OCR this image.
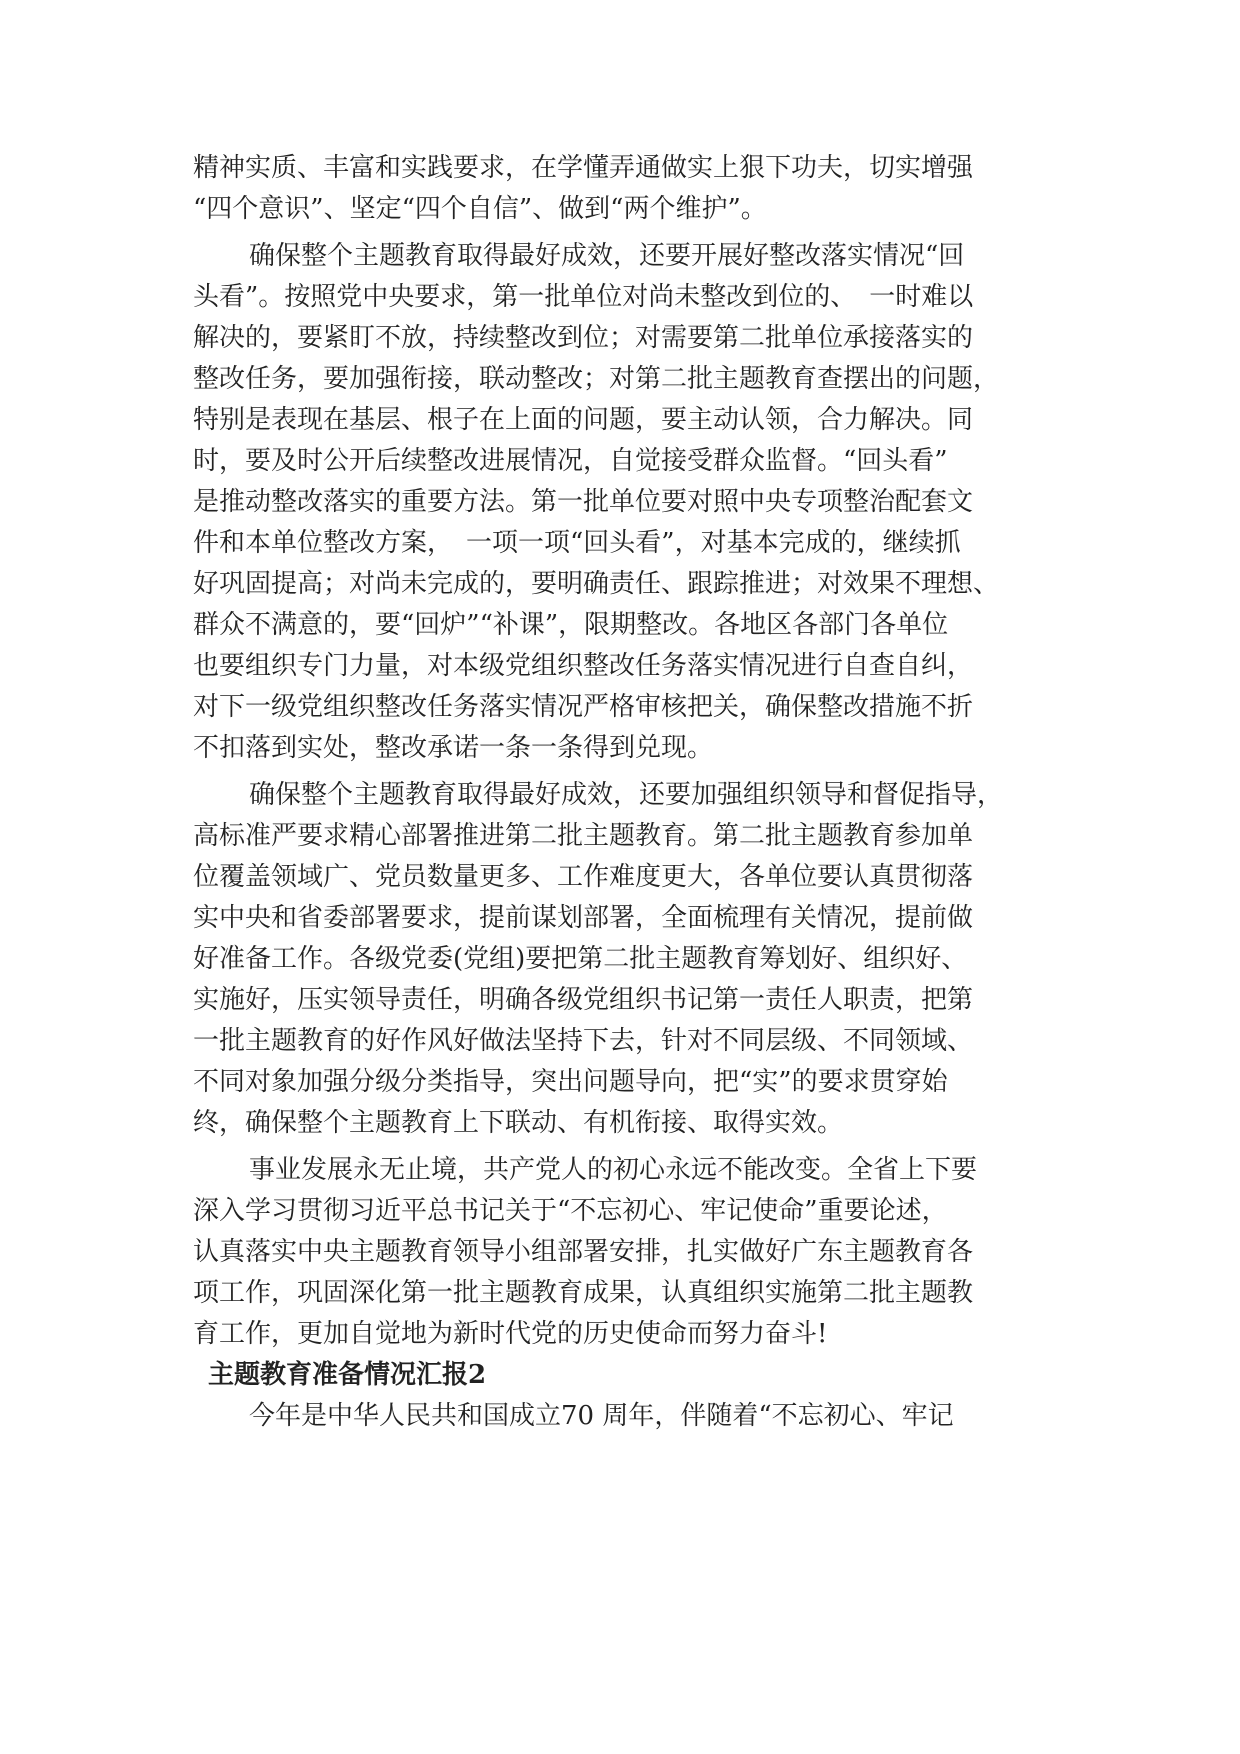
精神实质、丰富和实践要求，在学懂弄通做实上狠下功夫，切实增强
“四个意识”、坚定“四个自信”、做到“两个维护”。

确保整个主题教育取得最好成效，还要开展好整改落实情况“回
头看”。按照党中央要求，第一批单位对尚未整改到位的、　一时难以
解决的，要紧盯不放，持续整改到位；对需要第二批单位承接落实的
整改任务，要加强衔接，联动整改；对第二批主题教育查摆出的问题，
特别是表现在基层、根子在上面的问题，要主动认领，合力解决。同
时，要及时公开后续整改进展情况，自觉接受群众监督。“回头看”
是推动整改落实的重要方法。第一批单位要对照中央专项整治配套文
件和本单位整改方案，　一项一项“回头看”，对基本完成的，继续抓
好巩固提高；对尚未完成的，要明确责任、跟踪推进；对效果不理想、
群众不满意的，要“回炉”“补课”，限期整改。各地区各部门各单位
也要组织专门力量，对本级党组织整改任务落实情况进行自查自纠，
对下一级党组织整改任务落实情况严格审核把关，确保整改措施不折
不扣落到实处，整改承诺一条一条得到兑现。

确保整个主题教育取得最好成效，还要加强组织领导和督促指导，
高标准严要求精心部署推进第二批主题教育。第二批主题教育参加单
位覆盖领域广、党员数量更多、工作难度更大，各单位要认真贯彻落
实中央和省委部署要求，提前谋划部署，全面梳理有关情况，提前做
好准备工作。各级党委(党组)要把第二批主题教育筹划好、组织好、
实施好，压实领导责任，明确各级党组织书记第一责任人职责，把第
一批主题教育的好作风好做法坚持下去，针对不同层级、不同领域、
不同对象加强分级分类指导，突出问题导向，把“实”的要求贯穿始
终，确保整个主题教育上下联动、有机衔接、取得实效。

事业发展永无止境，共产党人的初心永远不能改变。全省上下要
深入学习贯彻习近平总书记关于“不忘初心、牢记使命”重要论述，
认真落实中央主题教育领导小组部署安排，扎实做好广东主题教育各
项工作，巩固深化第一批主题教育成果，认真组织实施第二批主题教
育工作，更加自觉地为新时代党的历史使命而努力奋斗!

主题教育准备情况汇报2

今年是中华人民共和国成立70 周年，伴随着“不忘初心、牢记
